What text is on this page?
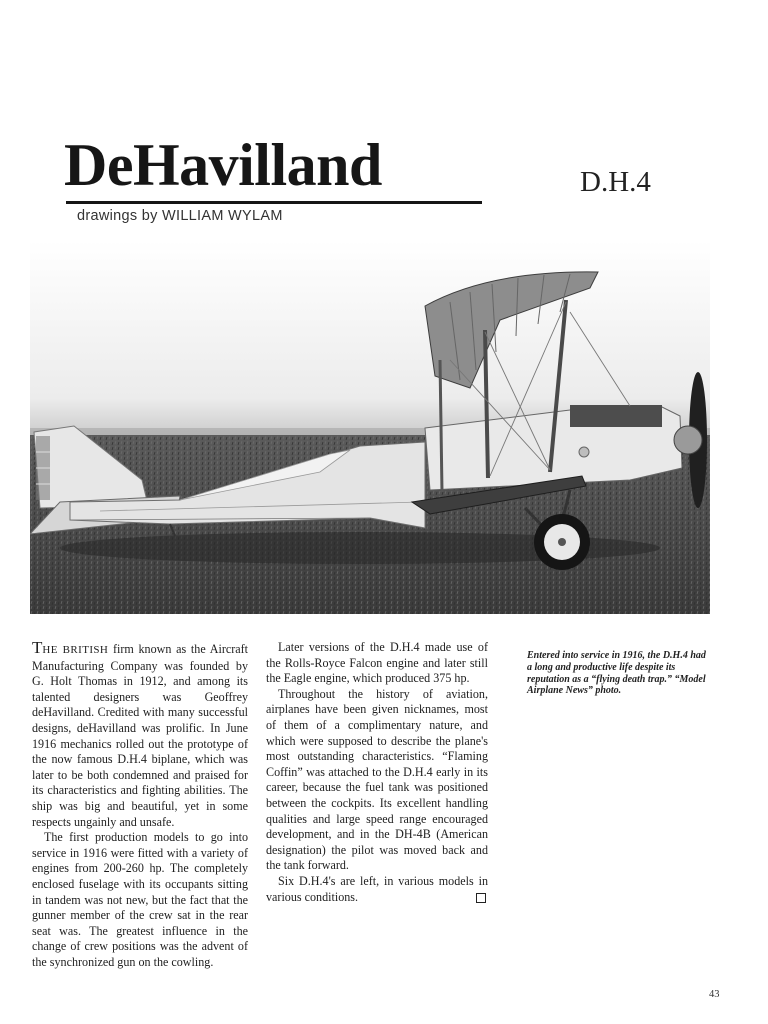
DeHavilland	D.H.4
drawings by WILLIAM WYLAM

THE BRITISH firm known as the Aircraft Manufacturing Company was founded by G. Holt Thomas in 1912, and among its talented designers was Geoffrey deHavilland. Credited with many successful designs, deHavilland was prolific. In June 1916 mechanics rolled out the prototype of the now famous D.H.4 biplane, which was later to be both condemned and praised for its characteristics and fighting abilities. The ship was big and beautiful, yet in some respects ungainly and unsafe.

The first production models to go into service in 1916 were fitted with a variety of engines from 200-260 hp. The completely enclosed fuselage with its occupants sitting in tandem was not new, but the fact that the gunner member of the crew sat in the rear seat was. The greatest influence in the change of crew positions was the advent of the synchronized gun on the cowling.

Later versions of the D.H.4 made use of the Rolls-Royce Falcon engine and later still the Eagle engine, which produced 375 hp.

Throughout the history of aviation, airplanes have been given nicknames, most of them of a complimentary nature, and which were supposed to describe the plane's most outstanding characteristics. “Flaming Coffin” was attached to the D.H.4 early in its career, because the fuel tank was positioned between the cockpits. Its excellent handling qualities and large speed range encouraged development, and in the DH-4B (American designation) the pilot was moved back and the tank forward.

Six D.H.4's are left, in various models in various conditions.

Entered into service in 1916, the D.H.4 had a long and productive life despite its reputation as a “flying death trap.” “Model Airplane News” photo.
43
